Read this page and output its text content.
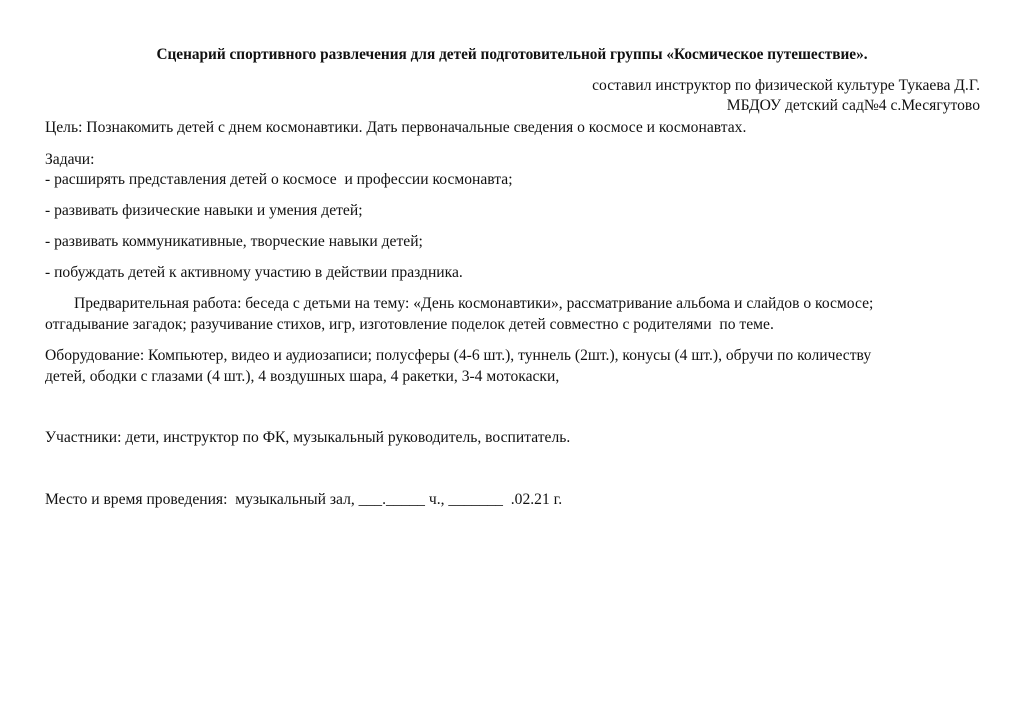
Сценарий спортивного развлечения для детей подготовительной группы «Космическое путешествие».

составил инструктор по физической культуре Тукаева Д.Г.

МБДОУ детский сад№4 с.Месягутово

Цель: Познакомить детей с днем космонавтики. Дать первоначальные сведения о космосе и космонавтах.

Задачи:

- расширять представления детей о космосе  и профессии космонавта;

- развивать физические навыки и умения детей;

- развивать коммуникативные, творческие навыки детей;

- побуждать детей к активному участию в действии праздника.

Предварительная работа: беседа с детьми на тему: «День космонавтики», рассматривание альбома и слайдов о космосе;

отгадывание загадок; разучивание стихов, игр, изготовление поделок детей совместно с родителями  по теме.

Оборудование: Компьютер, видео и аудиозаписи; полусферы (4-6 шт.), туннель (2шт.), конусы (4 шт.), обручи по количеству

детей, ободки с глазами (4 шт.), 4 воздушных шара, 4 ракетки, 3-4 мотокаски,

Участники: дети, инструктор по ФК, музыкальный руководитель, воспитатель.

Место и время проведения:  музыкальный зал, ___._____ ч., _______  .02.21 г.
